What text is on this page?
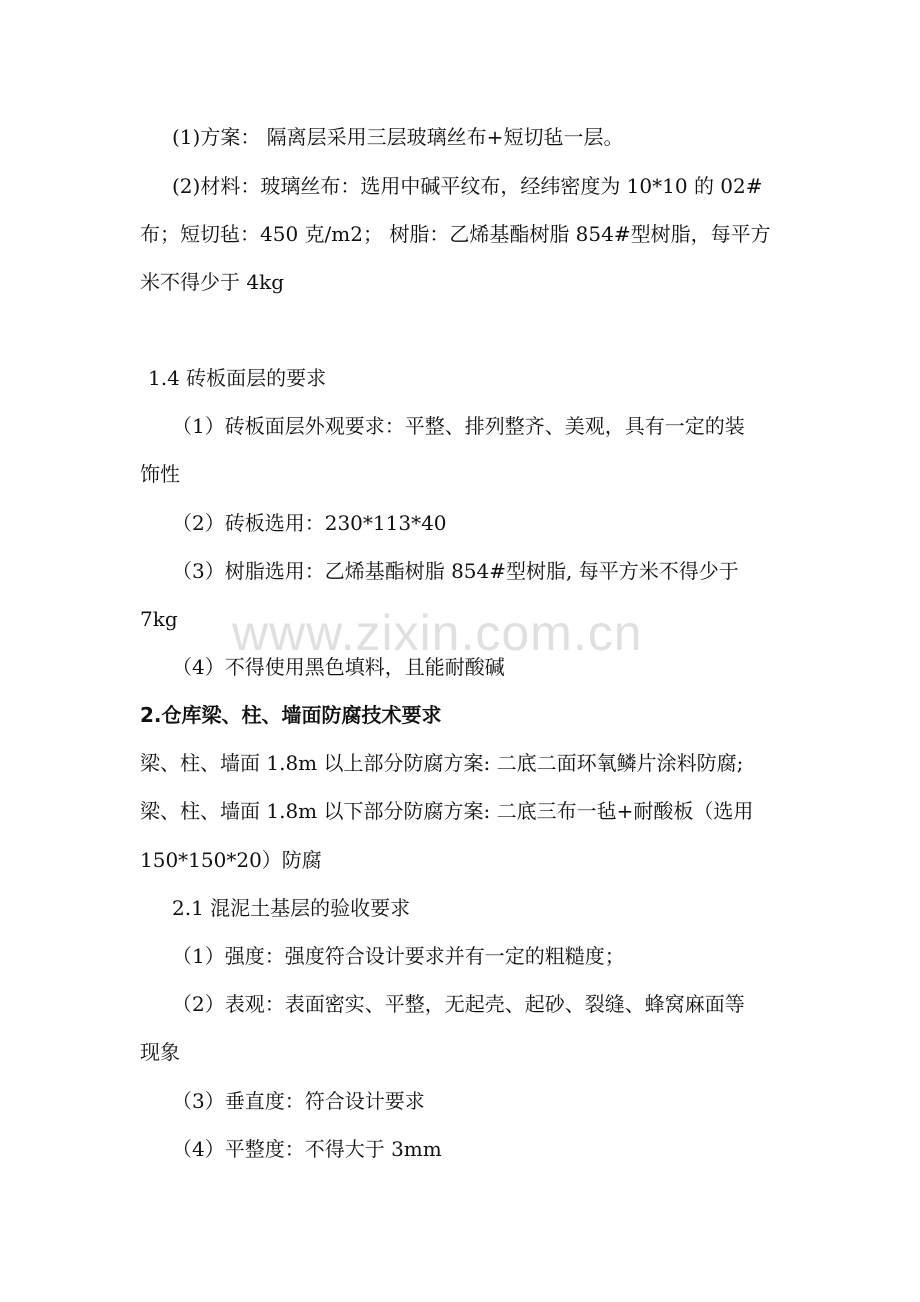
www.zixin.com.cn
(1)方案： 隔离层采用三层玻璃丝布+短切毡一层。
(2)材料：玻璃丝布：选用中碱平纹布，经纬密度为 10*10 的 02#
布；短切毡：450 克/m2； 树脂：乙烯基酯树脂 854#型树脂，每平方
米不得少于 4kg
1.4 砖板面层的要求
（1）砖板面层外观要求：平整、排列整齐、美观，具有一定的装
饰性
（2）砖板选用：230*113*40
（3）树脂选用：乙烯基酯树脂 854#型树脂, 每平方米不得少于
7kg
（4）不得使用黑色填料，且能耐酸碱
2.仓库梁、柱、墙面防腐技术要求
梁、柱、墙面 1.8m 以上部分防腐方案: 二底二面环氧鳞片涂料防腐;
梁、柱、墙面 1.8m 以下部分防腐方案: 二底三布一毡+耐酸板（选用
150*150*20）防腐
2.1 混泥土基层的验收要求
（1）强度：强度符合设计要求并有一定的粗糙度；
（2）表观：表面密实、平整，无起壳、起砂、裂缝、蜂窝麻面等
现象
（3）垂直度：符合设计要求
（4）平整度：不得大于 3mm
